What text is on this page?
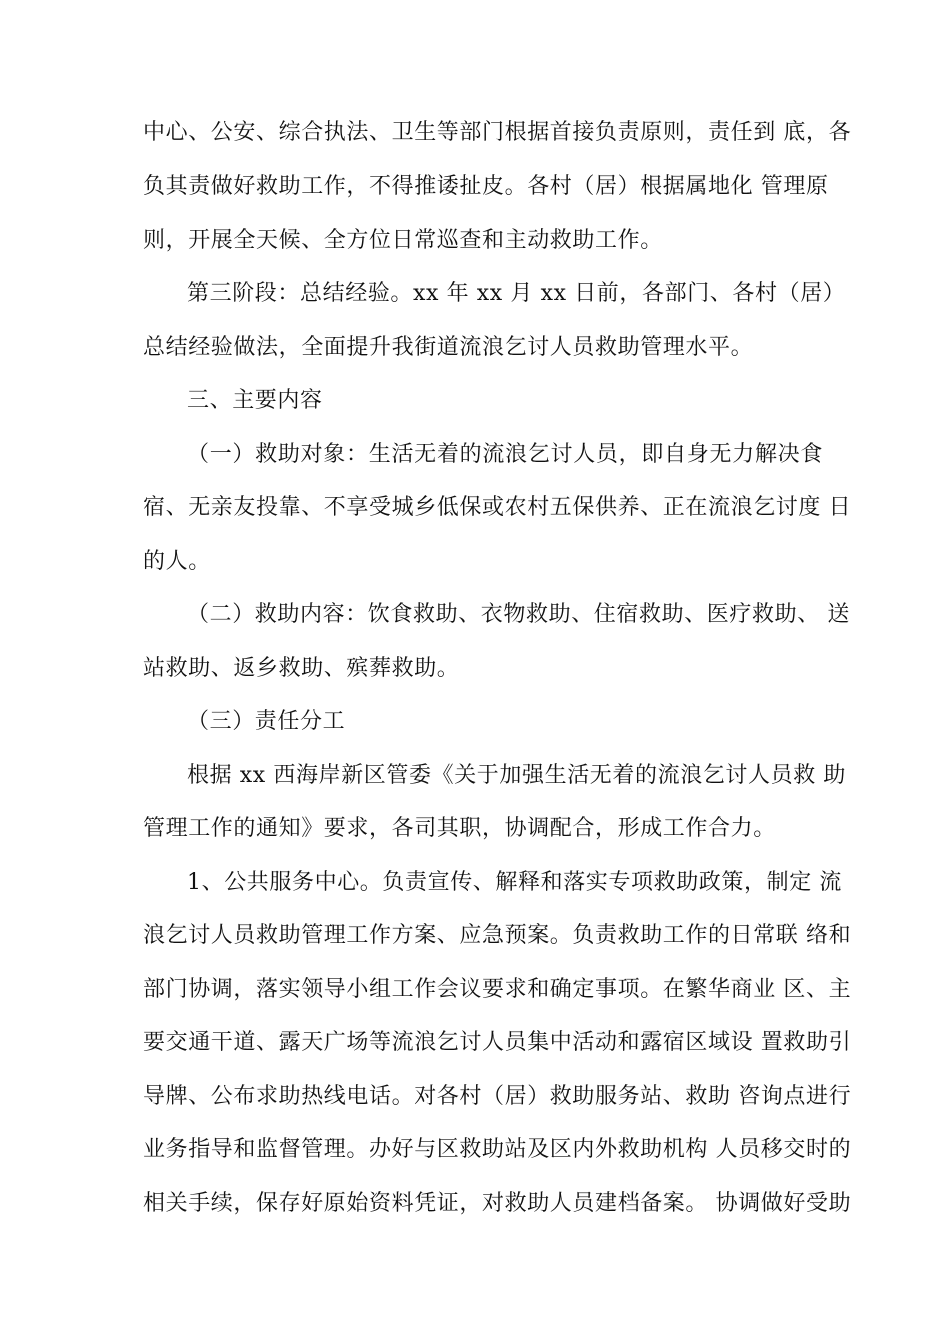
中心、公安、综合执法、卫生等部门根据首接负责原则，责任到 底，各
负其责做好救助工作，不得推诿扯皮。各村（居）根据属地化 管理原
则，开展全天候、全方位日常巡查和主动救助工作。
第三阶段：总结经验。xx 年 xx 月 xx 日前，各部门、各村（居）
总结经验做法，全面提升我街道流浪乞讨人员救助管理水平。
三、主要内容
（一）救助对象：生活无着的流浪乞讨人员，即自身无力解决食
宿、无亲友投靠、不享受城乡低保或农村五保供养、正在流浪乞讨度 日
的人。
（二）救助内容：饮食救助、衣物救助、住宿救助、医疗救助、 送
站救助、返乡救助、殡葬救助。
（三）责任分工
根据 xx 西海岸新区管委《关于加强生活无着的流浪乞讨人员救 助
管理工作的通知》要求，各司其职，协调配合，形成工作合力。
1、公共服务中心。负责宣传、解释和落实专项救助政策，制定 流
浪乞讨人员救助管理工作方案、应急预案。负责救助工作的日常联 络和
部门协调，落实领导小组工作会议要求和确定事项。在繁华商业 区、主
要交通干道、露天广场等流浪乞讨人员集中活动和露宿区域设 置救助引
导牌、公布求助热线电话。对各村（居）救助服务站、救助 咨询点进行
业务指导和监督管理。办好与区救助站及区内外救助机构 人员移交时的
相关手续，保存好原始资料凭证，对救助人员建档备案。 协调做好受助
